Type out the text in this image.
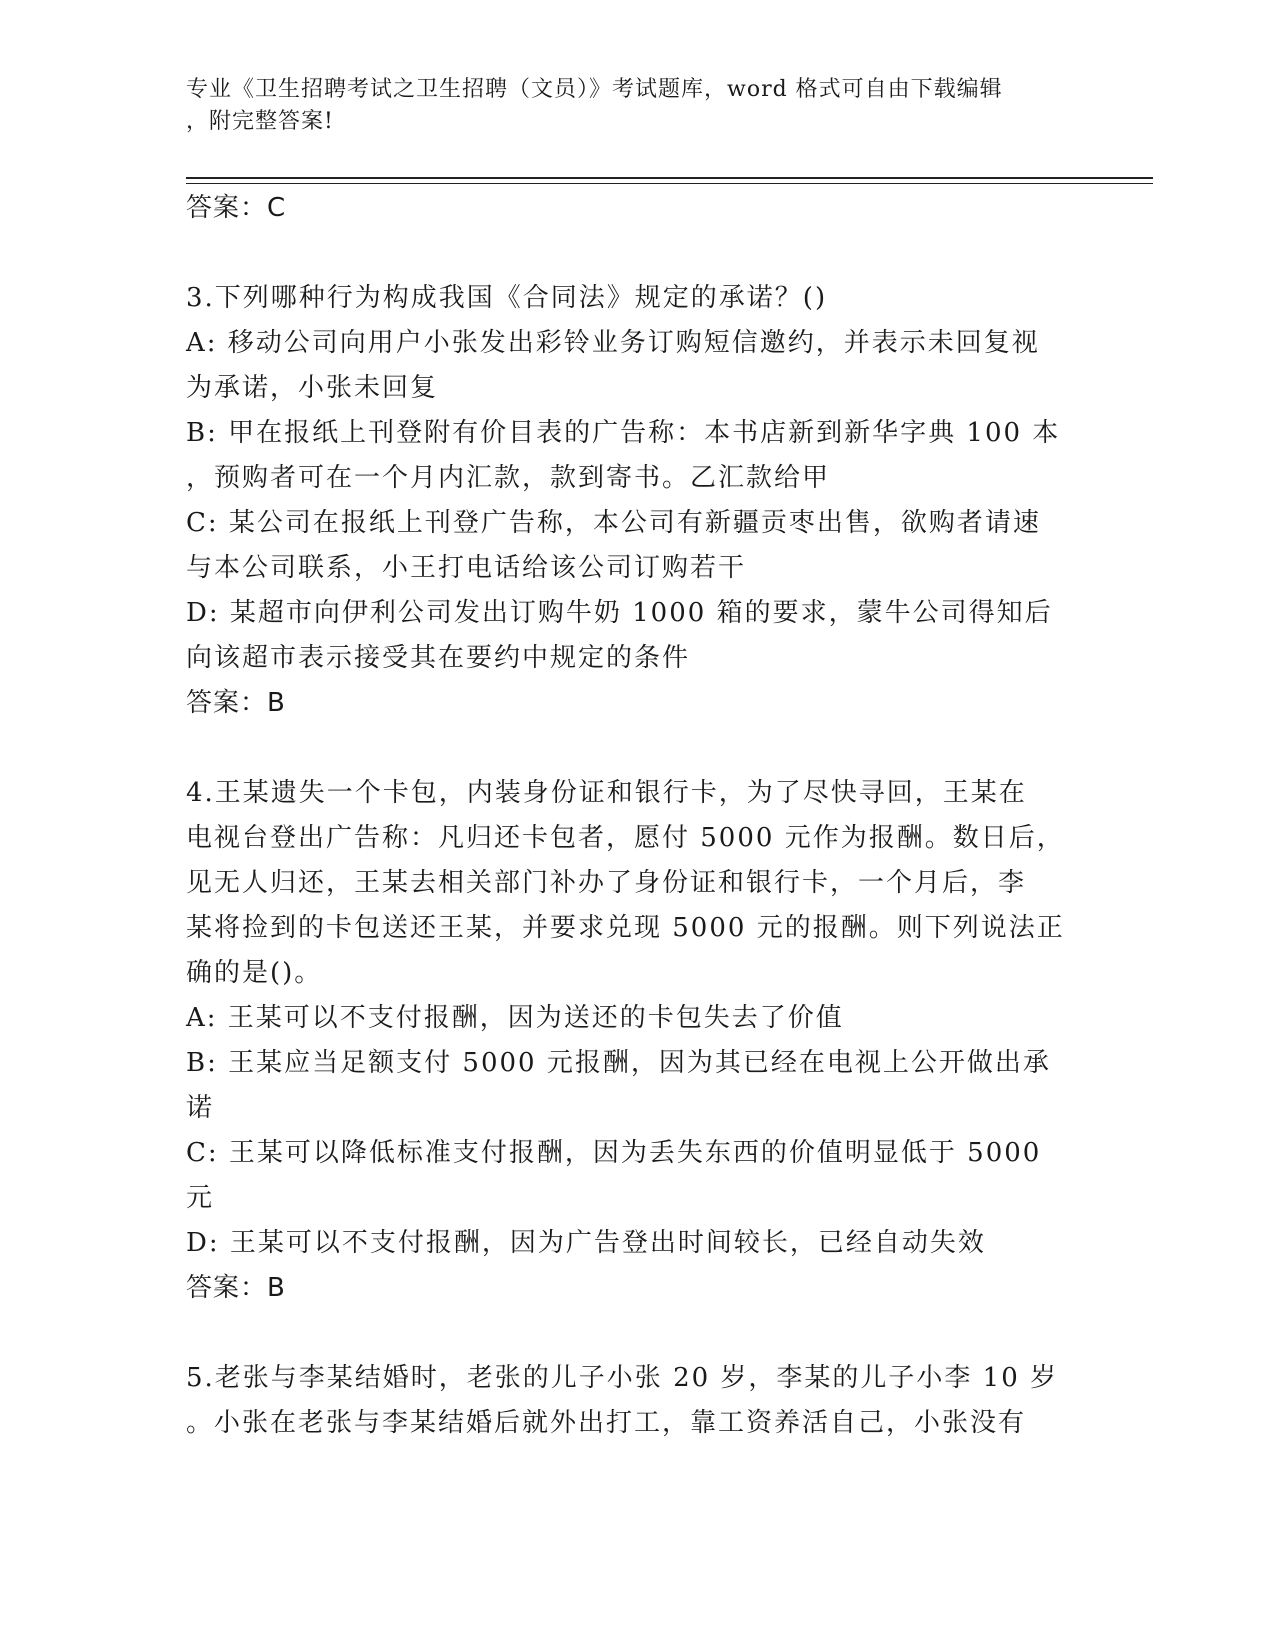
专业《卫生招聘考试之卫生招聘（文员）》考试题库，word 格式可自由下载编辑
，附完整答案!
答案：C
3.下列哪种行为构成我国《合同法》规定的承诺？()
A: 移动公司向用户小张发出彩铃业务订购短信邀约，并表示未回复视
为承诺，小张未回复
B: 甲在报纸上刊登附有价目表的广告称：本书店新到新华字典 100 本
，预购者可在一个月内汇款，款到寄书。乙汇款给甲
C: 某公司在报纸上刊登广告称，本公司有新疆贡枣出售，欲购者请速
与本公司联系，小王打电话给该公司订购若干
D: 某超市向伊利公司发出订购牛奶 1000 箱的要求，蒙牛公司得知后
向该超市表示接受其在要约中规定的条件
答案：B
4.王某遗失一个卡包，内装身份证和银行卡，为了尽快寻回，王某在
电视台登出广告称：凡归还卡包者，愿付 5000 元作为报酬。数日后，
见无人归还，王某去相关部门补办了身份证和银行卡，一个月后，李
某将捡到的卡包送还王某，并要求兑现 5000 元的报酬。则下列说法正
确的是()。
A: 王某可以不支付报酬，因为送还的卡包失去了价值
B: 王某应当足额支付 5000 元报酬，因为其已经在电视上公开做出承
诺
C: 王某可以降低标准支付报酬，因为丢失东西的价值明显低于 5000
元
D: 王某可以不支付报酬，因为广告登出时间较长，已经自动失效
答案：B
5.老张与李某结婚时，老张的儿子小张 20 岁，李某的儿子小李 10 岁
。小张在老张与李某结婚后就外出打工，靠工资养活自己，小张没有
